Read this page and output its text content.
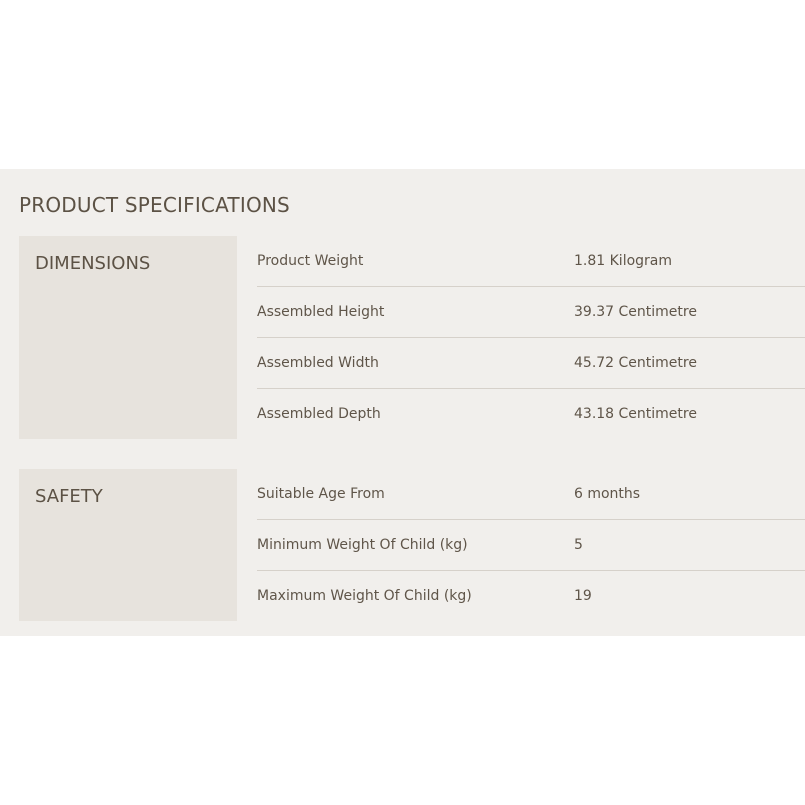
PRODUCT SPECIFICATIONS
DIMENSIONS	Product Weight	1.81 Kilogram
Assembled Height	39.37 Centimetre
Assembled Width	45.72 Centimetre
Assembled Depth	43.18 Centimetre
SAFETY	Suitable Age From	6 months
Minimum Weight Of Child (kg)	5
Maximum Weight Of Child (kg)	19
